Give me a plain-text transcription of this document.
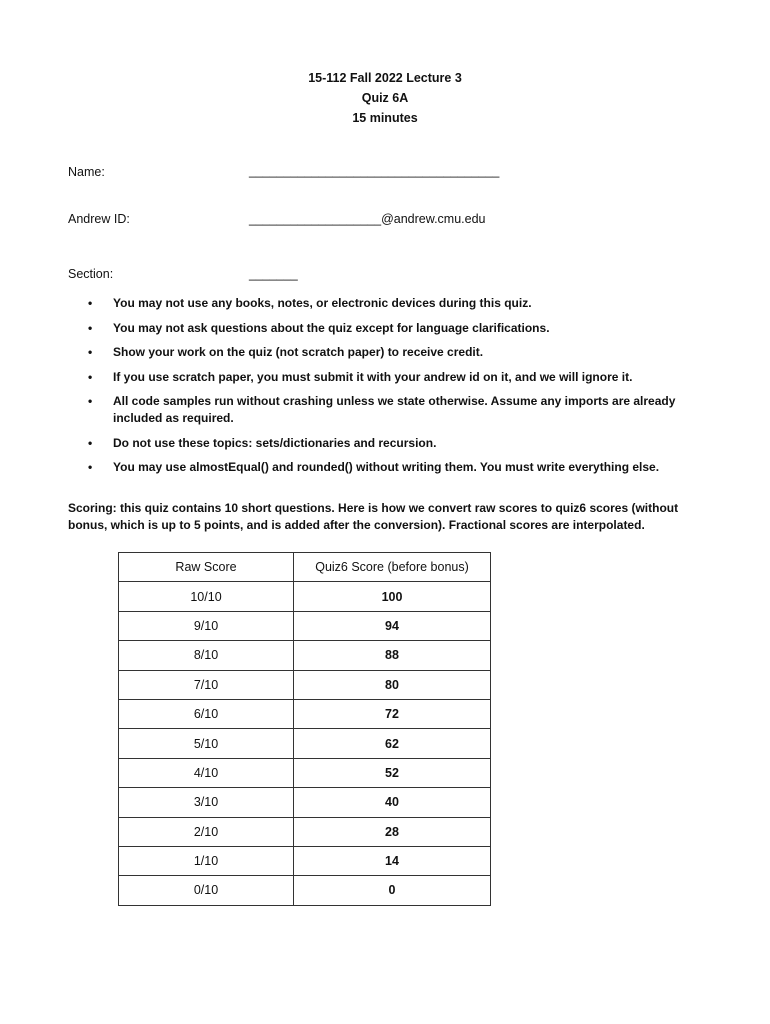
15-112 Fall 2022 Lecture 3
Quiz 6A
15 minutes
Name:	____________________________________
Andrew ID:	___________________@andrew.cmu.edu
Section:	_______
• You may not use any books, notes, or electronic devices during this quiz.
• You may not ask questions about the quiz except for language clarifications.
• Show your work on the quiz (not scratch paper) to receive credit.
• If you use scratch paper, you must submit it with your andrew id on it, and we will ignore it.
• All code samples run without crashing unless we state otherwise. Assume any imports are already included as required.
• Do not use these topics: sets/dictionaries and recursion.
• You may use almostEqual() and rounded() without writing them. You must write everything else.
Scoring: this quiz contains 10 short questions. Here is how we convert raw scores to quiz6 scores (without bonus, which is up to 5 points, and is added after the conversion). Fractional scores are interpolated.
Raw Score	Quiz6 Score (before bonus)
10/10	100
9/10	94
8/10	88
7/10	80
6/10	72
5/10	62
4/10	52
3/10	40
2/10	28
1/10	14
0/10	0
